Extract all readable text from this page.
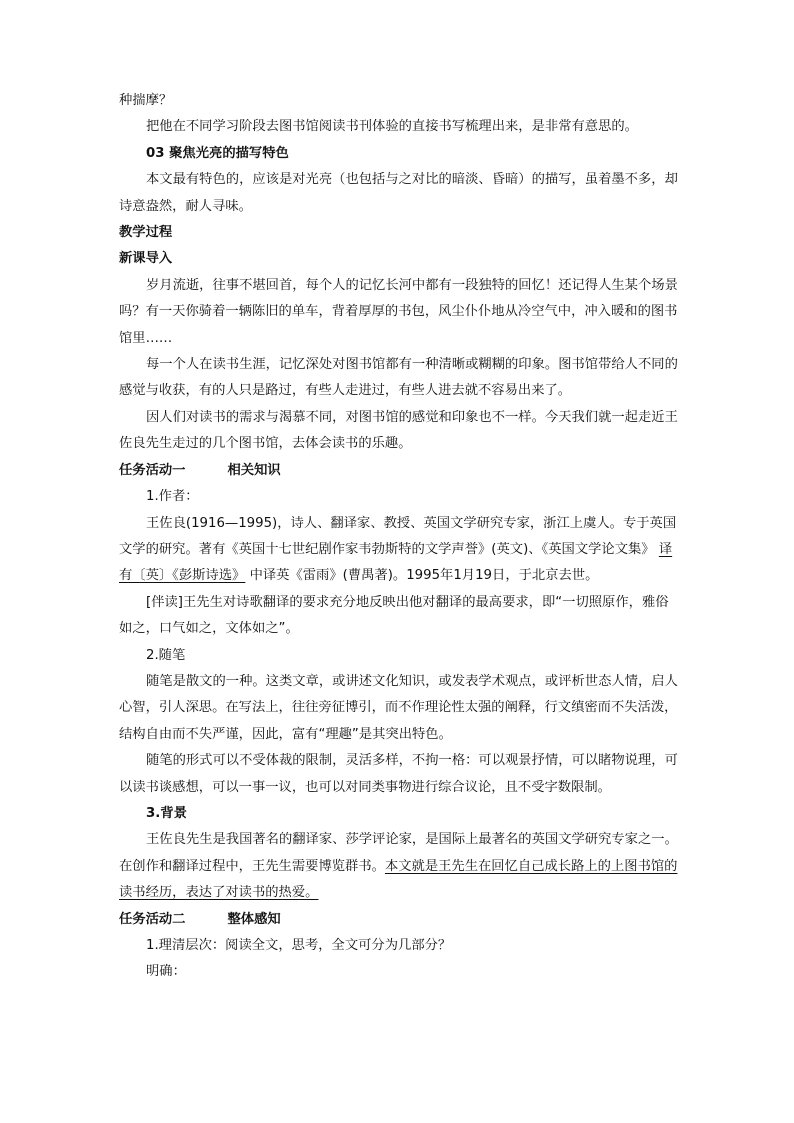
种揣摩？

把他在不同学习阶段去图书馆阅读书刊体验的直接书写梳理出来，是非常有意思的。

03 聚焦光亮的描写特色

本文最有特色的，应该是对光亮（也包括与之对比的暗淡、昏暗）的描写，虽着墨不多，却诗意盎然，耐人寻味。

教学过程

新课导入

岁月流逝，往事不堪回首，每个人的记忆长河中都有一段独特的回忆！还记得人生某个场景吗？有一天你骑着一辆陈旧的单车，背着厚厚的书包，风尘仆仆地从冷空气中，冲入暖和的图书馆里……

每一个人在读书生涯，记忆深处对图书馆都有一种清晰或糊糊的印象。图书馆带给人不同的感觉与收获，有的人只是路过，有些人走进过，有些人进去就不容易出来了。

因人们对读书的需求与渴慕不同，对图书馆的感觉和印象也不一样。今天我们就一起走近王佐良先生走过的几个图书馆，去体会读书的乐趣。

任务活动一	相关知识

1.作者：

王佐良(1916—1995)，诗人、翻译家、教授、英国文学研究专家，浙江上虞人。专于英国文学的研究。著有《英国十七世纪剧作家韦勃斯特的文学声誉》(英文)、《英国文学论文集》 译有〔英〕《彭斯诗选》 中译英《雷雨》(曹禺著)。1995年1月19日，于北京去世。

[伴读]王先生对诗歌翻译的要求充分地反映出他对翻译的最高要求，即“一切照原作，雅俗如之，口气如之，文体如之”。

2.随笔

随笔是散文的一种。这类文章，或讲述文化知识，或发表学术观点，或评析世态人情，启人心智，引人深思。在写法上，往往旁征博引，而不作理论性太强的阐释，行文缜密而不失活泼，结构自由而不失严谨，因此，富有“理趣”是其突出特色。

随笔的形式可以不受体裁的限制，灵活多样，不拘一格：可以观景抒情，可以睹物说理，可以读书谈感想，可以一事一议，也可以对同类事物进行综合议论，且不受字数限制。

3.背景

王佐良先生是我国著名的翻译家、莎学评论家，是国际上最著名的英国文学研究专家之一。在创作和翻译过程中，王先生需要博览群书。本文就是王先生在回忆自己成长路上的上图书馆的读书经历，表达了对读书的热爱。

任务活动二	整体感知

1.理清层次：阅读全文，思考，全文可分为几部分？

明确：
